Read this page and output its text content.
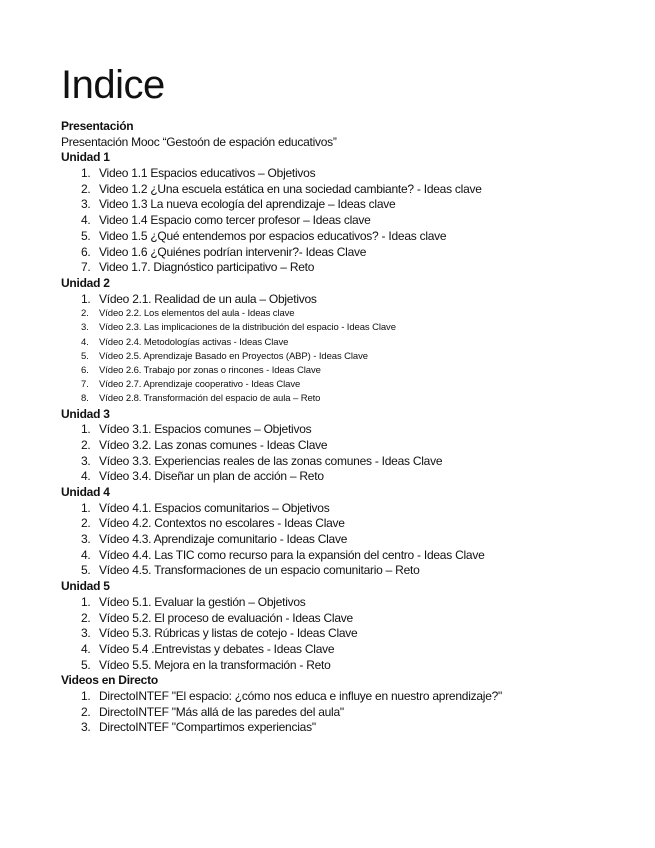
Indice
Presentación
Presentación Mooc “Gestoón de espación educativos”
Unidad 1
1. Video 1.1 Espacios educativos – Objetivos
2. Video 1.2 ¿Una escuela estática en una sociedad cambiante? - Ideas clave
3. Video 1.3 La nueva ecología del aprendizaje – Ideas clave
4. Video 1.4 Espacio como tercer profesor – Ideas clave
5. Video 1.5 ¿Qué entendemos por espacios educativos? - Ideas clave
6. Video 1.6 ¿Quiénes podrían intervenir?- Ideas Clave
7. Video 1.7. Diagnóstico participativo – Reto
Unidad 2
1. Vídeo 2.1. Realidad de un aula – Objetivos
2.	Vídeo 2.2. Los elementos del aula - Ideas clave
3.	Vídeo 2.3. Las implicaciones de la distribución del espacio - Ideas Clave
4.	Vídeo 2.4. Metodologías activas - Ideas Clave
5.	Vídeo 2.5. Aprendizaje Basado en Proyectos (ABP) - Ideas Clave
6.	Vídeo 2.6. Trabajo por zonas o rincones - Ideas Clave
7.	Vídeo 2.7. Aprendizaje cooperativo - Ideas Clave
8.	Vídeo 2.8. Transformación del espacio de aula – Reto
Unidad 3
1. Vídeo 3.1. Espacios comunes – Objetivos
2. Vídeo 3.2. Las zonas comunes - Ideas Clave
3. Vídeo 3.3. Experiencias reales de las zonas comunes - Ideas Clave
4. Vídeo 3.4. Diseñar un plan de acción – Reto
Unidad 4
1. Vídeo 4.1. Espacios comunitarios – Objetivos
2. Vídeo 4.2. Contextos no escolares - Ideas Clave
3. Vídeo 4.3. Aprendizaje comunitario - Ideas Clave
4. Vídeo 4.4. Las TIC como recurso para la expansión del centro - Ideas Clave
5. Vídeo 4.5. Transformaciones de un espacio comunitario – Reto
Unidad 5
1. Vídeo 5.1. Evaluar la gestión – Objetivos
2. Vídeo 5.2. El proceso de evaluación - Ideas Clave
3. Vídeo 5.3. Rúbricas y listas de cotejo - Ideas Clave
4. Vídeo 5.4 .Entrevistas y debates - Ideas Clave
5. Vídeo 5.5. Mejora en la transformación - Reto
Videos en Directo
1. DirectoINTEF "El espacio: ¿cómo nos educa e influye en nuestro aprendizaje?"
2. DirectoINTEF "Más allá de las paredes del aula"
3. DirectoINTEF "Compartimos experiencias"
